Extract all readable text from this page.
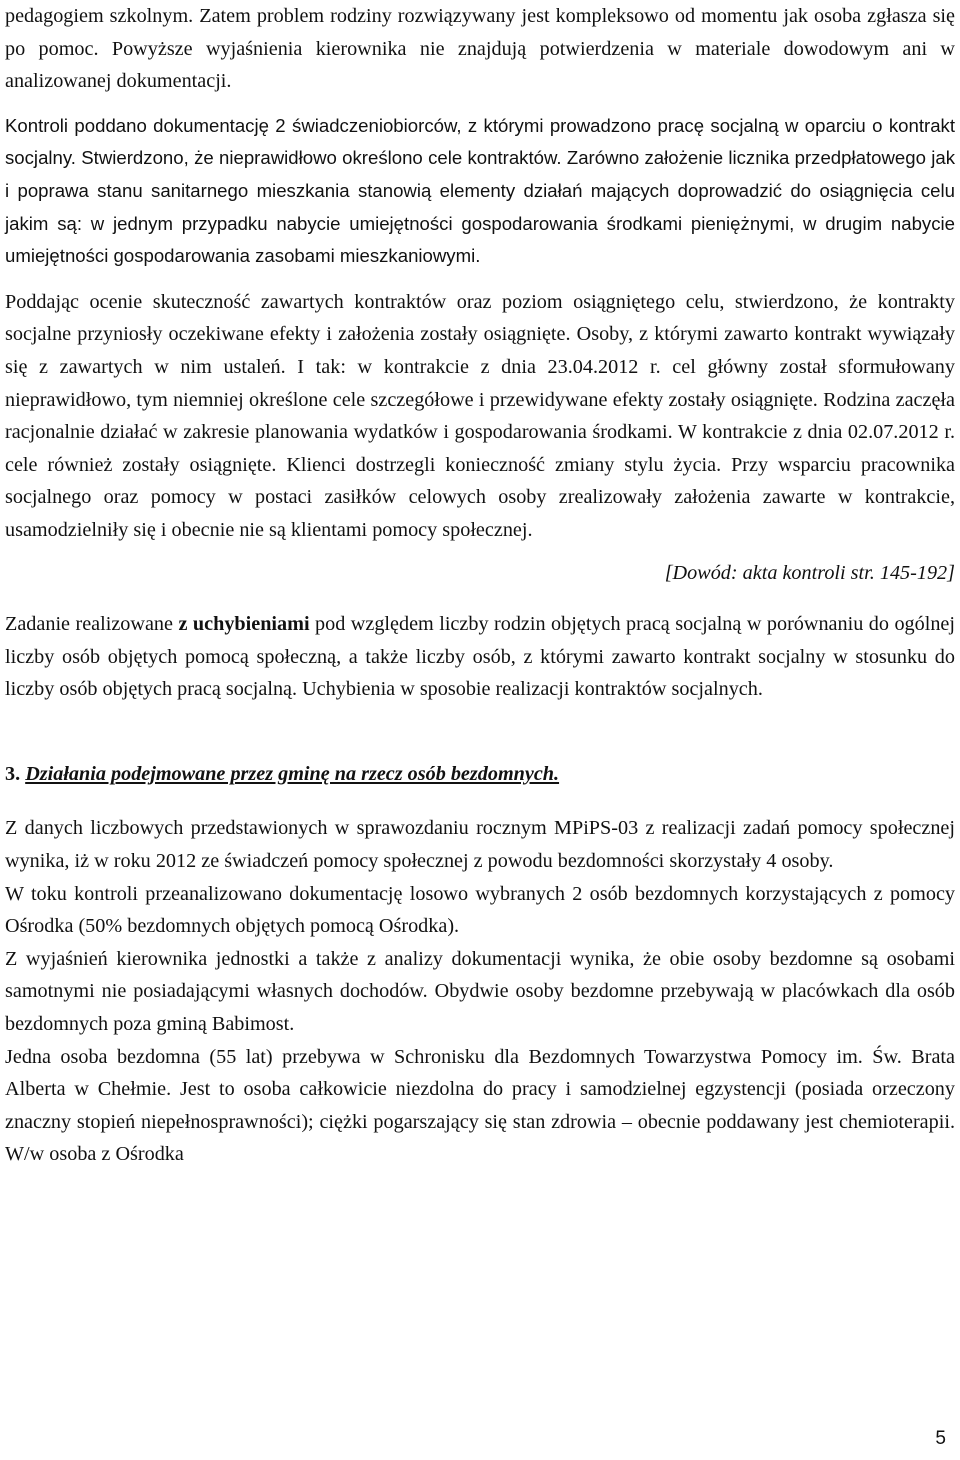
pedagogiem szkolnym. Zatem problem rodziny rozwiązywany jest kompleksowo od momentu jak osoba zgłasza się po pomoc. Powyższe wyjaśnienia kierownika nie znajdują potwierdzenia w materiale dowodowym ani w analizowanej dokumentacji.

Kontroli poddano dokumentację 2 świadczeniobiorców, z którymi prowadzono pracę socjalną w oparciu o kontrakt socjalny. Stwierdzono, że nieprawidłowo określono cele kontraktów. Zarówno założenie licznika przedpłatowego jak i poprawa stanu sanitarnego mieszkania stanowią elementy działań mających doprowadzić do osiągnięcia celu jakim są: w jednym przypadku nabycie umiejętności gospodarowania środkami pieniężnymi, w drugim nabycie umiejętności gospodarowania zasobami mieszkaniowymi.

Poddając ocenie skuteczność zawartych kontraktów oraz poziom osiągniętego celu, stwierdzono, że kontrakty socjalne przyniosły oczekiwane efekty i założenia zostały osiągnięte. Osoby, z którymi zawarto kontrakt wywiązały się z zawartych w nim ustaleń. I tak: w kontrakcie z dnia 23.04.2012 r. cel główny został sformułowany nieprawidłowo, tym niemniej określone cele szczegółowe i przewidywane efekty zostały osiągnięte. Rodzina zaczęła racjonalnie działać w zakresie planowania wydatków i gospodarowania środkami. W kontrakcie z dnia 02.07.2012 r. cele również zostały osiągnięte. Klienci dostrzegli konieczność zmiany stylu życia. Przy wsparciu pracownika socjalnego oraz pomocy w postaci zasiłków celowych osoby zrealizowały założenia zawarte w kontrakcie, usamodzielniły się i obecnie nie są klientami pomocy społecznej.

[Dowód: akta kontroli str. 145-192]

Zadanie realizowane z uchybieniami pod względem liczby rodzin objętych pracą socjalną w porównaniu do ogólnej liczby osób objętych pomocą społeczną, a także liczby osób, z którymi zawarto kontrakt socjalny w stosunku do liczby osób objętych pracą socjalną. Uchybienia w sposobie realizacji kontraktów socjalnych.

3. Działania podejmowane przez gminę na rzecz osób bezdomnych.

Z danych liczbowych przedstawionych w sprawozdaniu rocznym MPiPS-03 z realizacji zadań pomocy społecznej wynika, iż w roku 2012 ze świadczeń pomocy społecznej z powodu bezdomności skorzystały 4 osoby.

W toku kontroli przeanalizowano dokumentację losowo wybranych 2 osób bezdomnych korzystających z pomocy Ośrodka (50% bezdomnych objętych pomocą Ośrodka).

Z wyjaśnień kierownika jednostki a także z analizy dokumentacji wynika, że obie osoby bezdomne są osobami samotnymi nie posiadającymi własnych dochodów. Obydwie osoby bezdomne przebywają w placówkach dla osób bezdomnych poza gminą Babimost.

Jedna osoba bezdomna (55 lat) przebywa w Schronisku dla Bezdomnych Towarzystwa Pomocy im. Św. Brata Alberta w Chełmie. Jest to osoba całkowicie niezdolna do pracy i samodzielnej egzystencji (posiada orzeczony znaczny stopień niepełnosprawności); ciężki pogarszający się stan zdrowia – obecnie poddawany jest chemioterapii. W/w osoba z Ośrodka

5
